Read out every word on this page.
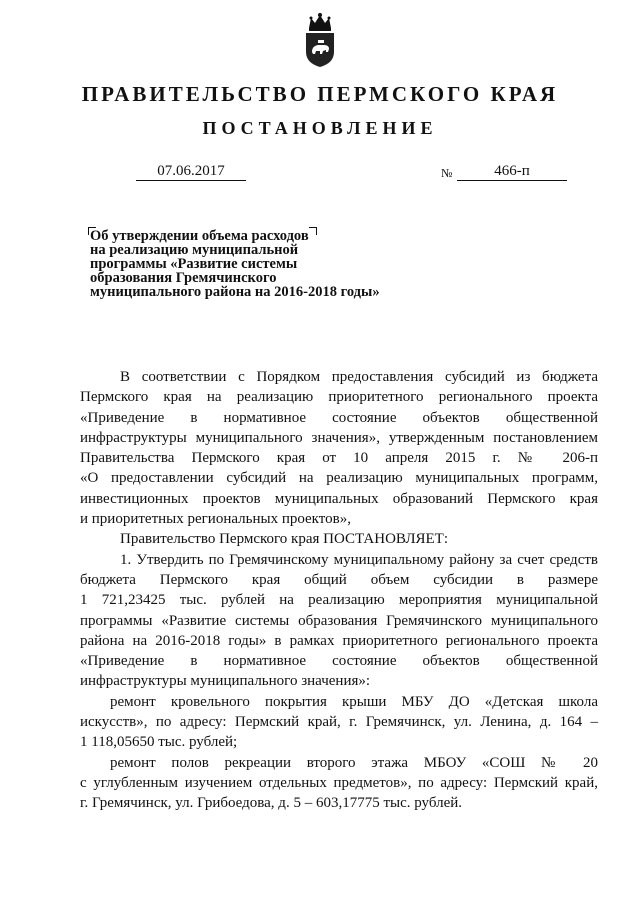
ПРАВИТЕЛЬСТВО ПЕРМСКОГО КРАЯ
ПОСТАНОВЛЕНИЕ
07.06.2017	№	466-п
Об утверждении объема расходов
на реализацию муниципальной
программы «Развитие системы
образования Гремячинского
муниципального района на 2016-2018 годы»
В соответствии с Порядком предоставления субсидий из бюджета
Пермского края на реализацию приоритетного регионального проекта
«Приведение в нормативное состояние объектов общественной
инфраструктуры муниципального значения», утвержденным постановлением
Правительства Пермского края от 10 апреля 2015 г. № 206-п
«О предоставлении субсидий на реализацию муниципальных программ,
инвестиционных проектов муниципальных образований Пермского края
и приоритетных региональных проектов»,
Правительство Пермского края ПОСТАНОВЛЯЕТ:
1. Утвердить по Гремячинскому муниципальному району за счет средств
бюджета Пермского края общий объем субсидии в размере
1 721,23425 тыс. рублей на реализацию мероприятия муниципальной
программы «Развитие системы образования Гремячинского муниципального
района на 2016-2018 годы» в рамках приоритетного регионального проекта
«Приведение в нормативное состояние объектов общественной
инфраструктуры муниципального значения»:
ремонт кровельного покрытия крыши МБУ ДО «Детская школа
искусств», по адресу: Пермский край, г. Гремячинск, ул. Ленина, д. 164 –
1 118,05650 тыс. рублей;
ремонт полов рекреации второго этажа МБОУ «СОШ № 20
с углубленным изучением отдельных предметов», по адресу: Пермский край,
г. Гремячинск, ул. Грибоедова, д. 5 – 603,17775 тыс. рублей.
